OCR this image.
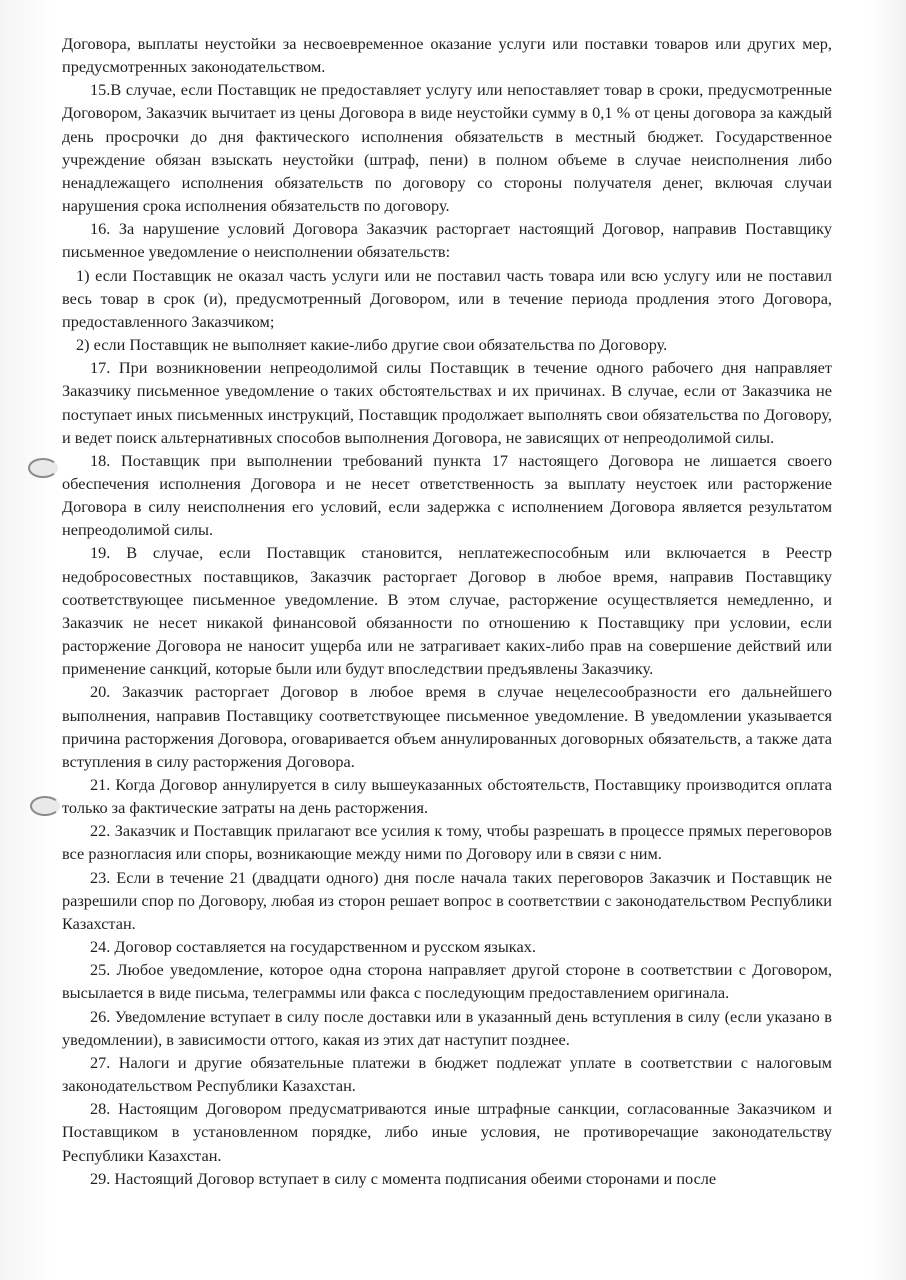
Договора, выплаты неустойки за несвоевременное оказание услуги или поставки товаров или других мер, предусмотренных законодательством.

15.В случае, если Поставщик не предоставляет услугу или непоставляет товар в сроки, предусмотренные Договором, Заказчик вычитает из цены Договора в виде неустойки сумму в 0,1 % от цены договора за каждый день просрочки до дня фактического исполнения обязательств в местный бюджет. Государственное учреждение обязан взыскать неустойки (штраф, пени) в полном объеме в случае неисполнения либо ненадлежащего исполнения обязательств по договору со стороны получателя денег, включая случаи нарушения срока исполнения обязательств по договору.

16. За нарушение условий Договора Заказчик расторгает настоящий Договор, направив Поставщику письменное уведомление о неисполнении обязательств:

1) если Поставщик не оказал часть услуги или не поставил часть товара или всю услугу или не поставил весь товар в срок (и), предусмотренный Договором, или в течение периода продления этого Договора, предоставленного Заказчиком;

2) если Поставщик не выполняет какие-либо другие свои обязательства по Договору.

17. При возникновении непреодолимой силы Поставщик в течение одного рабочего дня направляет Заказчику письменное уведомление о таких обстоятельствах и их причинах. В случае, если от Заказчика не поступает иных письменных инструкций, Поставщик продолжает выполнять свои обязательства по Договору, и ведет поиск альтернативных способов выполнения Договора, не зависящих от непреодолимой силы.

18. Поставщик при выполнении требований пункта 17 настоящего Договора не лишается своего обеспечения исполнения Договора и не несет ответственность за выплату неустоек или расторжение Договора в силу неисполнения его условий, если задержка с исполнением Договора является результатом непреодолимой силы.

19. В случае, если Поставщик становится, неплатежеспособным или включается в Реестр недобросовестных поставщиков, Заказчик расторгает Договор в любое время, направив Поставщику соответствующее письменное уведомление. В этом случае, расторжение осуществляется немедленно, и Заказчик не несет никакой финансовой обязанности по отношению к Поставщику при условии, если расторжение Договора не наносит ущерба или не затрагивает каких-либо прав на совершение действий или применение санкций, которые были или будут впоследствии предъявлены Заказчику.

20. Заказчик расторгает Договор в любое время в случае нецелесообразности его дальнейшего выполнения, направив Поставщику соответствующее письменное уведомление. В уведомлении указывается причина расторжения Договора, оговаривается объем аннулированных договорных обязательств, а также дата вступления в силу расторжения Договора.

21. Когда Договор аннулируется в силу вышеуказанных обстоятельств, Поставщику производится оплата только за фактические затраты на день расторжения.

22. Заказчик и Поставщик прилагают все усилия к тому, чтобы разрешать в процессе прямых переговоров все разногласия или споры, возникающие между ними по Договору или в связи с ним.

23. Если в течение 21 (двадцати одного) дня после начала таких переговоров Заказчик и Поставщик не разрешили спор по Договору, любая из сторон решает вопрос в соответствии с законодательством Республики Казахстан.

24. Договор составляется на государственном и русском языках.

25. Любое уведомление, которое одна сторона направляет другой стороне в соответствии с Договором, высылается в виде письма, телеграммы или факса с последующим предоставлением оригинала.

26. Уведомление вступает в силу после доставки или в указанный день вступления в силу (если указано в уведомлении), в зависимости оттого, какая из этих дат наступит позднее.

27. Налоги и другие обязательные платежи в бюджет подлежат уплате в соответствии с налоговым законодательством Республики Казахстан.

28. Настоящим Договором предусматриваются иные штрафные санкции, согласованные Заказчиком и Поставщиком в установленном порядке, либо иные условия, не противоречащие законодательству Республики Казахстан.

29. Настоящий Договор вступает в силу с момента подписания обеими сторонами и после
